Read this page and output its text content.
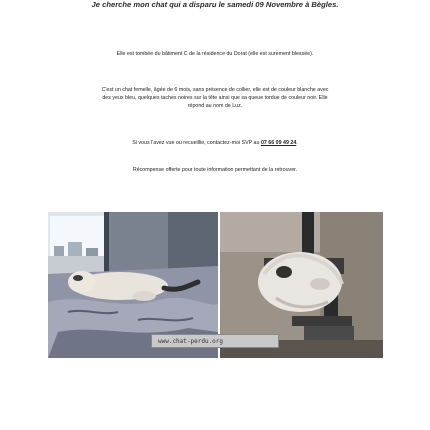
Je cherche mon chat qui a disparu le samedi 09 Novembre à Bègles.
Elle est tombée du bâtiment C de la résidence du Dorat (elle est surement blessée).
C'est un chat femelle, âgée de 6 mois, sans présence de collier, elle est de couleur blanche avec des yeux bleu, quelques taches noires sur la tête ainsi que sa queue tordue de couleur noir. Elle répond au nom de Luz.
Si vous l'avez vue ou recueillie, contactez-moi SVP au 07 66 09 49 24.
Récompense offerte pour toute information permettant de la retrouver.
www.chat-perdu.org
